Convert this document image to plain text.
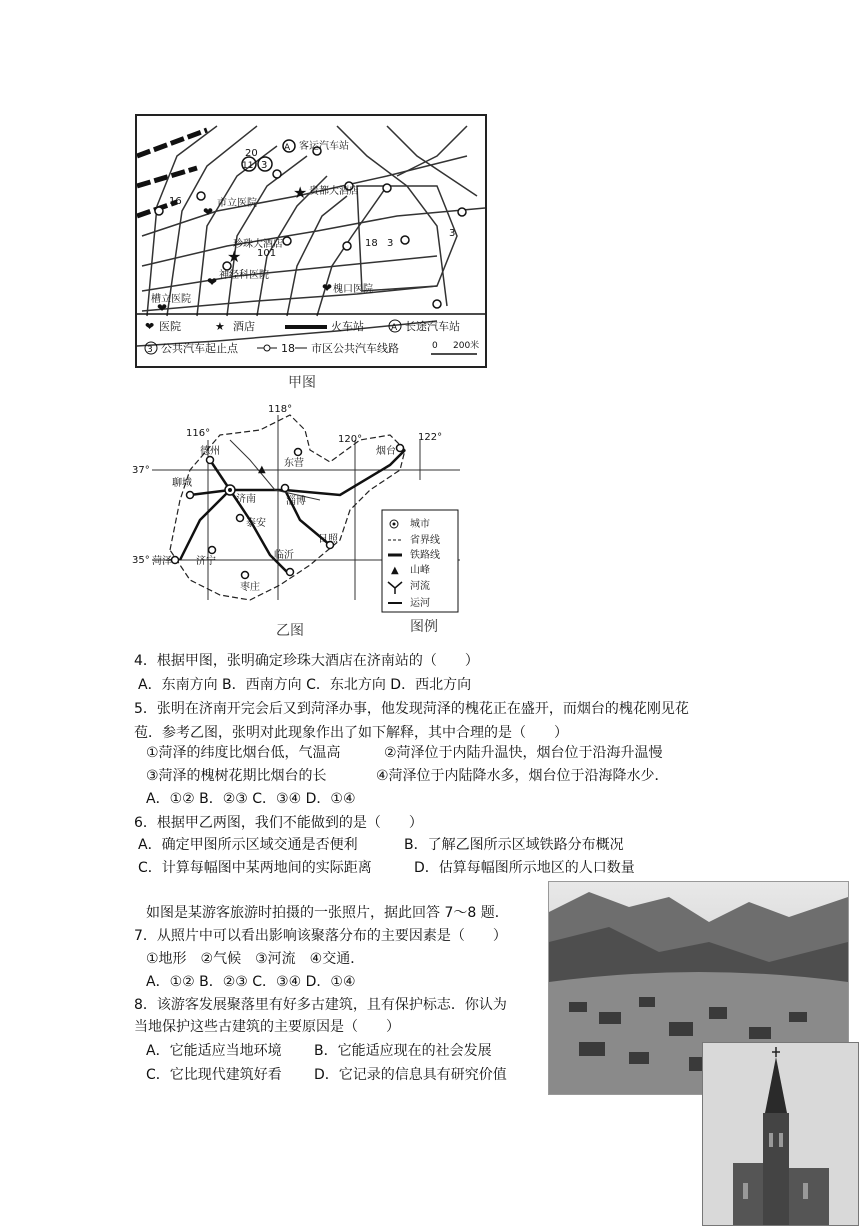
★
★
❤
❤	❤
❤
A
3
11
客运汽车站
贵都大酒店
市立医院
珍珠大酒店
神经科医院
槐口医院
槽立医院
20
16
18 3
101
3
❤ 医院	★ 酒店	火车站	A 长途汽车站
3 公共汽车起止点	18 市区公共汽车线路	0 200米
甲图
▲
德州
东营
烟台
聊城
济南	淄博
泰安
日照
临沂
菏泽 济宁
枣庄
116°
118°
120°	122°
37°
35°
城市
省界线
铁路线
▲ 山峰
河流
运河
乙图	图例
4．根据甲图，张明确定珍珠大酒店在济南站的（　　）
A．东南方向 B．西南方向 C．东北方向 D．西北方向
5．张明在济南开完会后又到菏泽办事，他发现菏泽的槐花正在盛开，而烟台的槐花刚见花
苞．参考乙图，张明对此现象作出了如下解释，其中合理的是（　　）
①菏泽的纬度比烟台低，气温高	②菏泽位于内陆升温快，烟台位于沿海升温慢
③菏泽的槐树花期比烟台的长	④菏泽位于内陆降水多，烟台位于沿海降水少．
A．①② B．②③ C．③④ D．①④
6．根据甲乙两图，我们不能做到的是（　　）
A．确定甲图所示区域交通是否便利	B．了解乙图所示区域铁路分布概况
C．计算每幅图中某两地间的实际距离	D．估算每幅图所示地区的人口数量
如图是某游客旅游时拍摄的一张照片，据此回答 7～8 题．
7．从照片中可以看出影响该聚落分布的主要因素是（　　）
①地形　②气候　③河流　④交通．
A．①② B．②③ C．③④ D．①④
8．该游客发展聚落里有好多古建筑，且有保护标志．你认为
当地保护这些古建筑的主要原因是（　　）
A．它能适应当地环境 B．它能适应现在的社会发展
C．它比现代建筑好看 D．它记录的信息具有研究价值
